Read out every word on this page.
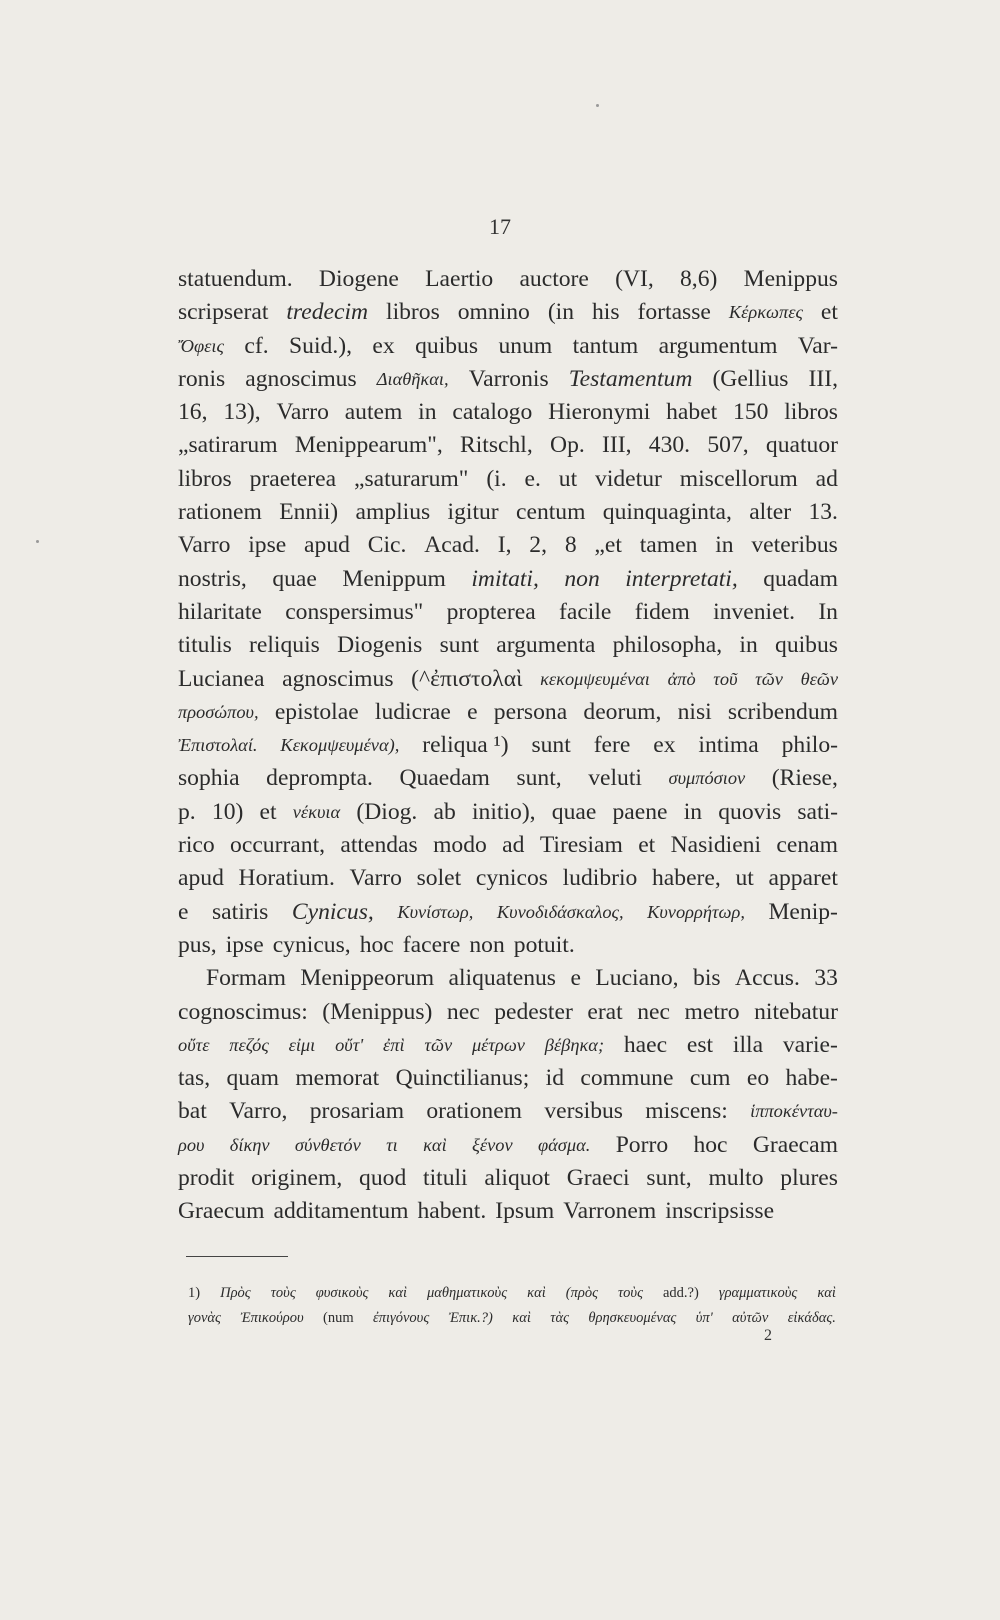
17
statuendum. Diogene Laertio auctore (VI, 8,6) Menippus
scripserat tredecim libros omnino (in his fortasse Κέρκωπες et
Ὄφεις cf. Suid.), ex quibus unum tantum argumentum Var-
ronis agnoscimus Διαθῆκαι, Varronis Testamentum (Gellius III,
16, 13), Varro autem in catalogo Hieronymi habet 150 libros
„satirarum Menippearum", Ritschl, Op. III, 430. 507, quatuor
libros praeterea „saturarum" (i. e. ut videtur miscellorum ad
rationem Ennii) amplius igitur centum quinquaginta, alter 13.
Varro ipse apud Cic. Acad. I, 2, 8 „et tamen in veteribus
nostris, quae Menippum imitati, non interpretati, quadam
hilaritate conspersimus" propterea facile fidem inveniet. In
titulis reliquis Diogenis sunt argumenta philosopha, in quibus
Lucianea agnoscimus (^ἐπιστολαὶ κεκομψευμέναι ἀπὸ τοῦ τῶν θεῶν
προσώπου, epistolae ludicrae e persona deorum, nisi scribendum
Ἐπιστολαί. Κεκομψευμένα), reliqua ¹) sunt fere ex intima philo-
sophia deprompta. Quaedam sunt, veluti συμπόσιον (Riese,
p. 10) et νέκυια (Diog. ab initio), quae paene in quovis sati-
rico occurrant, attendas modo ad Tiresiam et Nasidieni cenam
apud Horatium. Varro solet cynicos ludibrio habere, ut apparet
e satiris Cynicus, Κυνίστωρ, Κυνοδιδάσκαλος, Κυνορρήτωρ, Menip-
pus, ipse cynicus, hoc facere non potuit.
Formam Menippeorum aliquatenus e Luciano, bis Accus. 33
cognoscimus: (Menippus) nec pedester erat nec metro nitebatur
οὔτε πεζός εἰμι οὔτ' ἐπὶ τῶν μέτρων βέβηκα; haec est illa varie-
tas, quam memorat Quinctilianus; id commune cum eo habe-
bat Varro, prosariam orationem versibus miscens: ἱπποκένταυ-
ρου δίκην σύνθετόν τι καὶ ξένον φάσμα. Porro hoc Graecam
prodit originem, quod tituli aliquot Graeci sunt, multo plures
Graecum additamentum habent. Ipsum Varronem inscripsisse
1) Πρὸς τοὺς φυσικοὺς καὶ μαθηματικοὺς καὶ (πρὸς τοὺς add.?) γραμματικοὺς καὶ
γονὰς Ἐπικούρου (num ἐπιγόνους Ἐπικ.?) καὶ τὰς θρησκευομένας ὑπ' αὐτῶν εἰκάδας.
2
